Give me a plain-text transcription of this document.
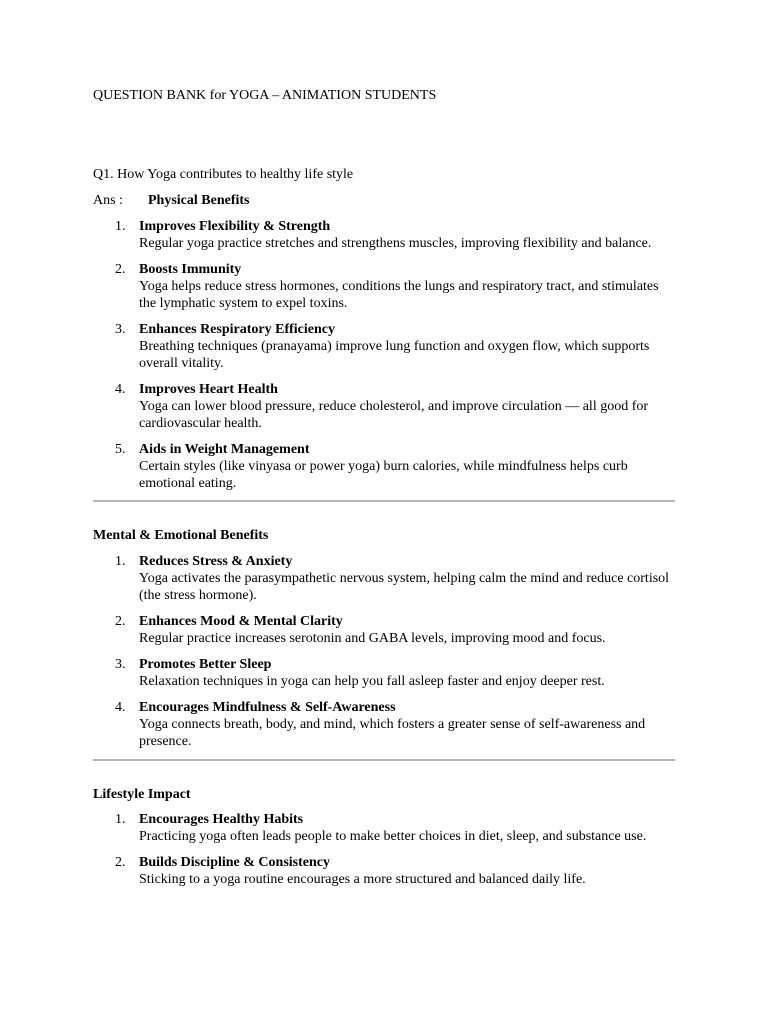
QUESTION BANK for YOGA – ANIMATION STUDENTS

Q1. How Yoga contributes to healthy life style

Ans : Physical Benefits
1. Improves Flexibility & Strength
Regular yoga practice stretches and strengthens muscles, improving flexibility and balance.
2. Boosts Immunity
Yoga helps reduce stress hormones, conditions the lungs and respiratory tract, and stimulates the lymphatic system to expel toxins.
3. Enhances Respiratory Efficiency
Breathing techniques (pranayama) improve lung function and oxygen flow, which supports overall vitality.
4. Improves Heart Health
Yoga can lower blood pressure, reduce cholesterol, and improve circulation — all good for cardiovascular health.
5. Aids in Weight Management
Certain styles (like vinyasa or power yoga) burn calories, while mindfulness helps curb emotional eating.
Mental & Emotional Benefits
1. Reduces Stress & Anxiety
Yoga activates the parasympathetic nervous system, helping calm the mind and reduce cortisol (the stress hormone).
2. Enhances Mood & Mental Clarity
Regular practice increases serotonin and GABA levels, improving mood and focus.
3. Promotes Better Sleep
Relaxation techniques in yoga can help you fall asleep faster and enjoy deeper rest.
4. Encourages Mindfulness & Self-Awareness
Yoga connects breath, body, and mind, which fosters a greater sense of self-awareness and presence.
Lifestyle Impact
1. Encourages Healthy Habits
Practicing yoga often leads people to make better choices in diet, sleep, and substance use.
2. Builds Discipline & Consistency
Sticking to a yoga routine encourages a more structured and balanced daily life.
